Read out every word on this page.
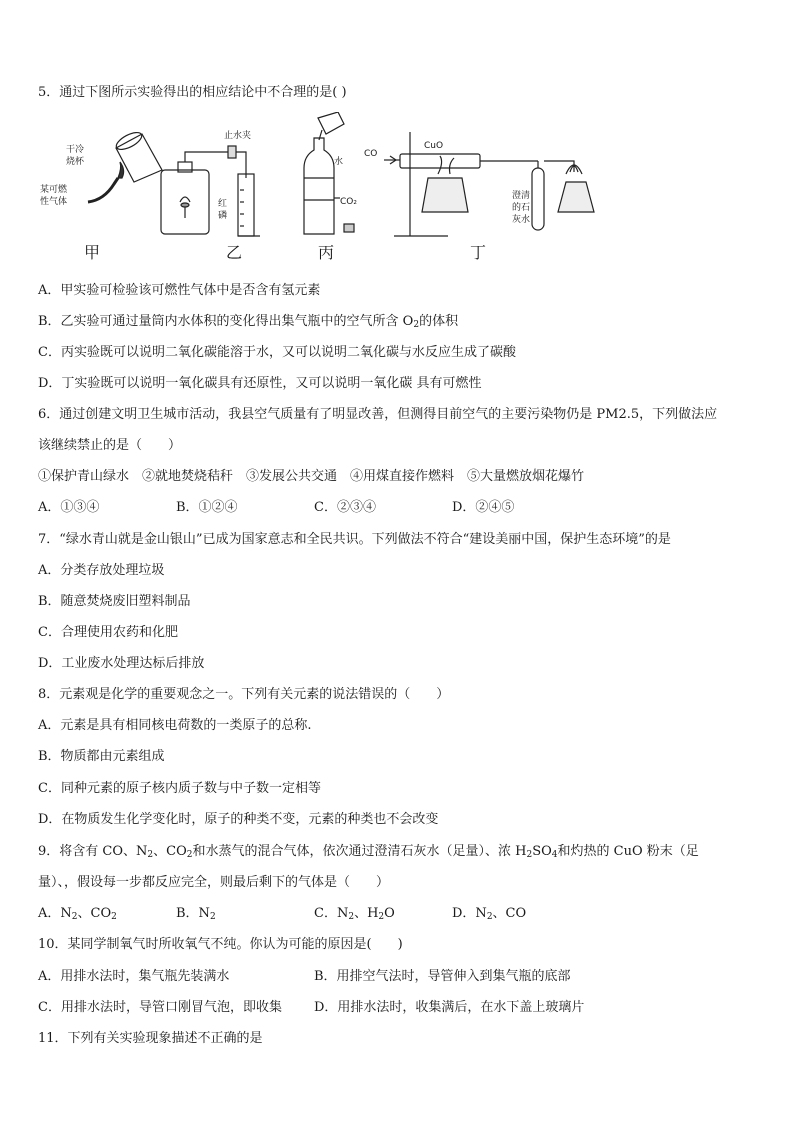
5．通过下图所示实验得出的相应结论中不合理的是( )
干冷
烧杯
某可燃
性气体
止水夹
红
磷
水
CO₂
CO
CuO
澄清
的石
灰水
甲	乙	丙	丁
A．甲实验可检验该可燃性气体中是否含有氢元素
B．乙实验可通过量筒内水体积的变化得出集气瓶中的空气所含 $O_2$的体积
C．丙实验既可以说明二氧化碳能溶于水，又可以说明二氧化碳与水反应生成了碳酸
D．丁实验既可以说明一氧化碳具有还原性，又可以说明一氧化碳 具有可燃性
6．通过创建文明卫生城市活动，我县空气质量有了明显改善，但测得目前空气的主要污染物仍是 PM2.5，下列做法应
该继续禁止的是（　　）
①保护青山绿水　②就地焚烧秸秆　③发展公共交通　④用煤直接作燃料　⑤大量燃放烟花爆竹
A．①③④	B．①②④	C．②③④	D．②④⑤
7．“绿水青山就是金山银山”已成为国家意志和全民共识。下列做法不符合“建设美丽中国，保护生态环境”的是
A．分类存放处理垃圾
B．随意焚烧废旧塑料制品
C．合理使用农药和化肥
D．工业废水处理达标后排放
8．元素观是化学的重要观念之一。下列有关元素的说法错误的（　　）
A．元素是具有相同核电荷数的一类原子的总称.
B．物质都由元素组成
C．同种元素的原子核内质子数与中子数一定相等
D．在物质发生化学变化时，原子的种类不变，元素的种类也不会改变
9．将含有 CO、$N_2$、$CO_2$和水蒸气的混合气体，依次通过澄清石灰水（足量）、浓 $H_2SO_4$和灼热的 CuO 粉末（足
量）、，假设每一步都反应完全，则最后剩下的气体是（　　）
A．$N_2$、$CO_2$	B．$N_2$	C．$N_2$、$H_2O$	D．$N_2$、CO
10．某同学制氧气时所收氧气不纯。你认为可能的原因是(　　)
A．用排水法时，集气瓶先装满水	B．用排空气法时，导管伸入到集气瓶的底部
C．用排水法时，导管口刚冒气泡，即收集 D．用排水法时，收集满后，在水下盖上玻璃片
11．下列有关实验现象描述不正确的是
